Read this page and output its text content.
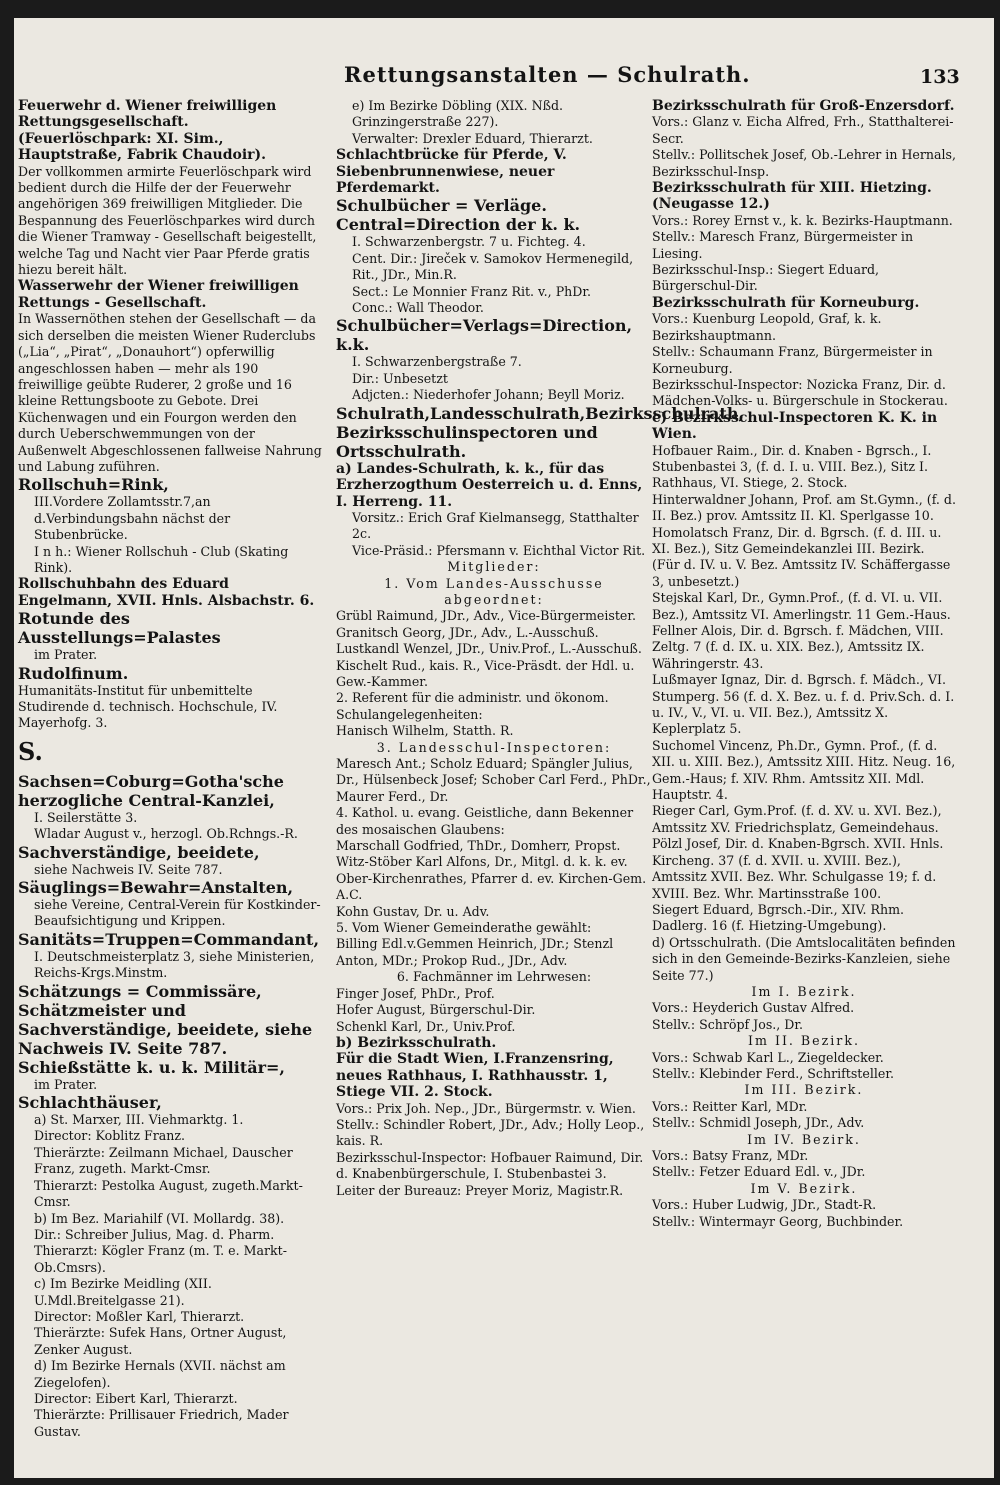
Rettungsanstalten — Schulrath.	133

Feuerwehr d. Wiener freiwilligen Rettungsgesellschaft. (Feuerlöschpark: XI. Sim., Hauptstraße, Fabrik Chaudoir).

Der vollkommen armirte Feuerlöschpark wird bedient durch die Hilfe der der Feuerwehr angehörigen 369 freiwilligen Mitglieder. Die Bespannung des Feuerlöschparkes wird durch die Wiener Tramway - Gesellschaft beigestellt, welche Tag und Nacht vier Paar Pferde gratis hiezu bereit hält.

Wasserwehr der Wiener freiwilligen Rettungs - Gesellschaft.

In Wassernöthen stehen der Gesellschaft — da sich derselben die meisten Wiener Ruderclubs („Lia“, „Pirat“, „Donauhort“) opferwillig angeschlossen haben — mehr als 190 freiwillige geübte Ruderer, 2 große und 16 kleine Rettungsboote zu Gebote. Drei Küchenwagen und ein Fourgon werden den durch Ueberschwemmungen von der Außenwelt Abgeschlossenen fallweise Nahrung und Labung zuführen.

Rollschuh=Rink,

III.Vordere Zollamtsstr.7,an d.Verbindungsbahn nächst der Stubenbrücke.

I n h.: Wiener Rollschuh - Club (Skating Rink).

Rollschuhbahn des Eduard Engelmann, XVII. Hnls. Alsbachstr. 6.

Rotunde des Ausstellungs=Palastes

im Prater.

Rudolfinum.

Humanitäts-Institut für unbemittelte Studirende d. technisch. Hochschule, IV. Mayerhofg. 3.

S.

Sachsen=Coburg=Gotha'sche herzogliche Central-Kanzlei,

I. Seilerstätte 3.

Wladar August v., herzogl. Ob.Rchngs.-R.

Sachverständige, beeidete,

siehe Nachweis IV. Seite 787.

Säuglings=Bewahr=Anstalten,

siehe Vereine, Central-Verein für Kostkinder-Beaufsichtigung und Krippen.

Sanitäts=Truppen=Commandant,

I. Deutschmeisterplatz 3, siehe Ministerien, Reichs-Krgs.Minstm.

Schätzungs = Commissäre, Schätzmeister und Sachverständige, beeidete, siehe Nachweis IV. Seite 787.

Schießstätte k. u. k. Militär=,

im Prater.

Schlachthäuser,

a) St. Marxer, III. Viehmarktg. 1.

Director: Koblitz Franz.

Thierärzte: Zeilmann Michael, Dauscher Franz, zugeth. Markt-Cmsr.

Thierarzt: Pestolka August, zugeth.Markt-Cmsr.

b) Im Bez. Mariahilf (VI. Mollardg. 38).

Dir.: Schreiber Julius, Mag. d. Pharm.

Thierarzt: Kögler Franz (m. T. e. Markt-Ob.Cmsrs).

c) Im Bezirke Meidling (XII. U.Mdl.Breitelgasse 21).

Director: Moßler Karl, Thierarzt.

Thierärzte: Sufek Hans, Ortner August, Zenker August.

d) Im Bezirke Hernals (XVII. nächst am Ziegelofen).

Director: Eibert Karl, Thierarzt.

Thierärzte: Prillisauer Friedrich, Mader Gustav.

e) Im Bezirke Döbling (XIX. Nßd. Grinzingerstraße 227).

Verwalter: Drexler Eduard, Thierarzt.

Schlachtbrücke für Pferde, V. Siebenbrunnenwiese, neuer Pferdemarkt.

Schulbücher = Verläge. Central=Direction der k. k.

I. Schwarzenbergstr. 7 u. Fichteg. 4.

Cent. Dir.: Jireček v. Samokov Hermenegild, Rit., JDr., Min.R.

Sect.: Le Monnier Franz Rit. v., PhDr.

Conc.: Wall Theodor.

Schulbücher=Verlags=Direction, k.k.

I. Schwarzenbergstraße 7.

Dir.: Unbesetzt

Adjcten.: Niederhofer Johann; Beyll Moriz.

Schulrath,Landesschulrath,Bezirksschulrath, Bezirksschulinspectoren und Ortsschulrath.

a) Landes-Schulrath, k. k., für das Erzherzogthum Oesterreich u. d. Enns, I. Herreng. 11.

Vorsitz.: Erich Graf Kielmansegg, Statthalter 2c.

Vice-Präsid.: Pfersmann v. Eichthal Victor Rit.

Mitglieder:

1. Vom Landes-Ausschusse abgeordnet:

Grübl Raimund, JDr., Adv., Vice-Bürgermeister.

Granitsch Georg, JDr., Adv., L.-Ausschuß.

Lustkandl Wenzel, JDr., Univ.Prof., L.-Ausschuß.

Kischelt Rud., kais. R., Vice-Präsdt. der Hdl. u. Gew.-Kammer.

2. Referent für die administr. und ökonom. Schulangelegenheiten:

Hanisch Wilhelm, Statth. R.

3. Landesschul-Inspectoren:

Maresch Ant.; Scholz Eduard; Spängler Julius, Dr., Hülsenbeck Josef; Schober Carl Ferd., PhDr., Maurer Ferd., Dr.

4. Kathol. u. evang. Geistliche, dann Bekenner des mosaischen Glaubens:

Marschall Godfried, ThDr., Domherr, Propst.

Witz-Stöber Karl Alfons, Dr., Mitgl. d. k. k. ev. Ober-Kirchenrathes, Pfarrer d. ev. Kirchen-Gem. A.C.

Kohn Gustav, Dr. u. Adv.

5. Vom Wiener Gemeinderathe gewählt:

Billing Edl.v.Gemmen Heinrich, JDr.; Stenzl Anton, MDr.; Prokop Rud., JDr., Adv.

6. Fachmänner im Lehrwesen:

Finger Josef, PhDr., Prof.

Hofer August, Bürgerschul-Dir.

Schenkl Karl, Dr., Univ.Prof.

b) Bezirksschulrath.

Für die Stadt Wien, I.Franzensring, neues Rathhaus, I. Rathhausstr. 1, Stiege VII. 2. Stock.

Vors.: Prix Joh. Nep., JDr., Bürgermstr. v. Wien.

Stellv.: Schindler Robert, JDr., Adv.; Holly Leop., kais. R.

Bezirksschul-Inspector: Hofbauer Raimund, Dir. d. Knabenbürgerschule, I. Stubenbastei 3.

Leiter der Bureauz: Preyer Moriz, Magistr.R.

Bezirksschulrath für Groß-Enzersdorf.

Vors.: Glanz v. Eicha Alfred, Frh., Statthalterei-Secr.

Stellv.: Pollitschek Josef, Ob.-Lehrer in Hernals, Bezirksschul-Insp.

Bezirksschulrath für XIII. Hietzing. (Neugasse 12.)

Vors.: Rorey Ernst v., k. k. Bezirks-Hauptmann.

Stellv.: Maresch Franz, Bürgermeister in Liesing.

Bezirksschul-Insp.: Siegert Eduard, Bürgerschul-Dir.

Bezirksschulrath für Korneuburg.

Vors.: Kuenburg Leopold, Graf, k. k. Bezirkshauptmann.

Stellv.: Schaumann Franz, Bürgermeister in Korneuburg.

Bezirksschul-Inspector: Nozicka Franz, Dir. d. Mädchen-Volks- u. Bürgerschule in Stockerau.

c) Bezirksschul-Inspectoren K. K. in Wien.

Hofbauer Raim., Dir. d. Knaben - Bgrsch., I. Stubenbastei 3, (f. d. I. u. VIII. Bez.), Sitz I. Rathhaus, VI. Stiege, 2. Stock.

Hinterwaldner Johann, Prof. am St.Gymn., (f. d. II. Bez.) prov. Amtssitz II. Kl. Sperlgasse 10.

Homolatsch Franz, Dir. d. Bgrsch. (f. d. III. u. XI. Bez.), Sitz Gemeindekanzlei III. Bezirk.

(Für d. IV. u. V. Bez. Amtssitz IV. Schäffergasse 3, unbesetzt.)

Stejskal Karl, Dr., Gymn.Prof., (f. d. VI. u. VII. Bez.), Amtssitz VI. Amerlingstr. 11 Gem.-Haus.

Fellner Alois, Dir. d. Bgrsch. f. Mädchen, VIII. Zeltg. 7 (f. d. IX. u. XIX. Bez.), Amtssitz IX. Währingerstr. 43.

Lußmayer Ignaz, Dir. d. Bgrsch. f. Mädch., VI. Stumperg. 56 (f. d. X. Bez. u. f. d. Priv.Sch. d. I. u. IV., V., VI. u. VII. Bez.), Amtssitz X. Keplerplatz 5.

Suchomel Vincenz, Ph.Dr., Gymn. Prof., (f. d. XII. u. XIII. Bez.), Amtssitz XIII. Hitz. Neug. 16, Gem.-Haus; f. XIV. Rhm. Amtssitz XII. Mdl. Hauptstr. 4.

Rieger Carl, Gym.Prof. (f. d. XV. u. XVI. Bez.), Amtssitz XV. Friedrichsplatz, Gemeindehaus.

Pölzl Josef, Dir. d. Knaben-Bgrsch. XVII. Hnls. Kircheng. 37 (f. d. XVII. u. XVIII. Bez.), Amtssitz XVII. Bez. Whr. Schulgasse 19; f. d. XVIII. Bez. Whr. Martinsstraße 100.

Siegert Eduard, Bgrsch.-Dir., XIV. Rhm. Dadlerg. 16 (f. Hietzing-Umgebung).

d) Ortsschulrath. (Die Amtslocalitäten befinden sich in den Gemeinde-Bezirks-Kanzleien, siehe Seite 77.)

Im I. Bezirk.

Vors.: Heyderich Gustav Alfred.

Stellv.: Schröpf Jos., Dr.

Im II. Bezirk.

Vors.: Schwab Karl L., Ziegeldecker.

Stellv.: Klebinder Ferd., Schriftsteller.

Im III. Bezirk.

Vors.: Reitter Karl, MDr.

Stellv.: Schmidl Joseph, JDr., Adv.

Im IV. Bezirk.

Vors.: Batsy Franz, MDr.

Stellv.: Fetzer Eduard Edl. v., JDr.

Im V. Bezirk.

Vors.: Huber Ludwig, JDr., Stadt-R.

Stellv.: Wintermayr Georg, Buchbinder.
